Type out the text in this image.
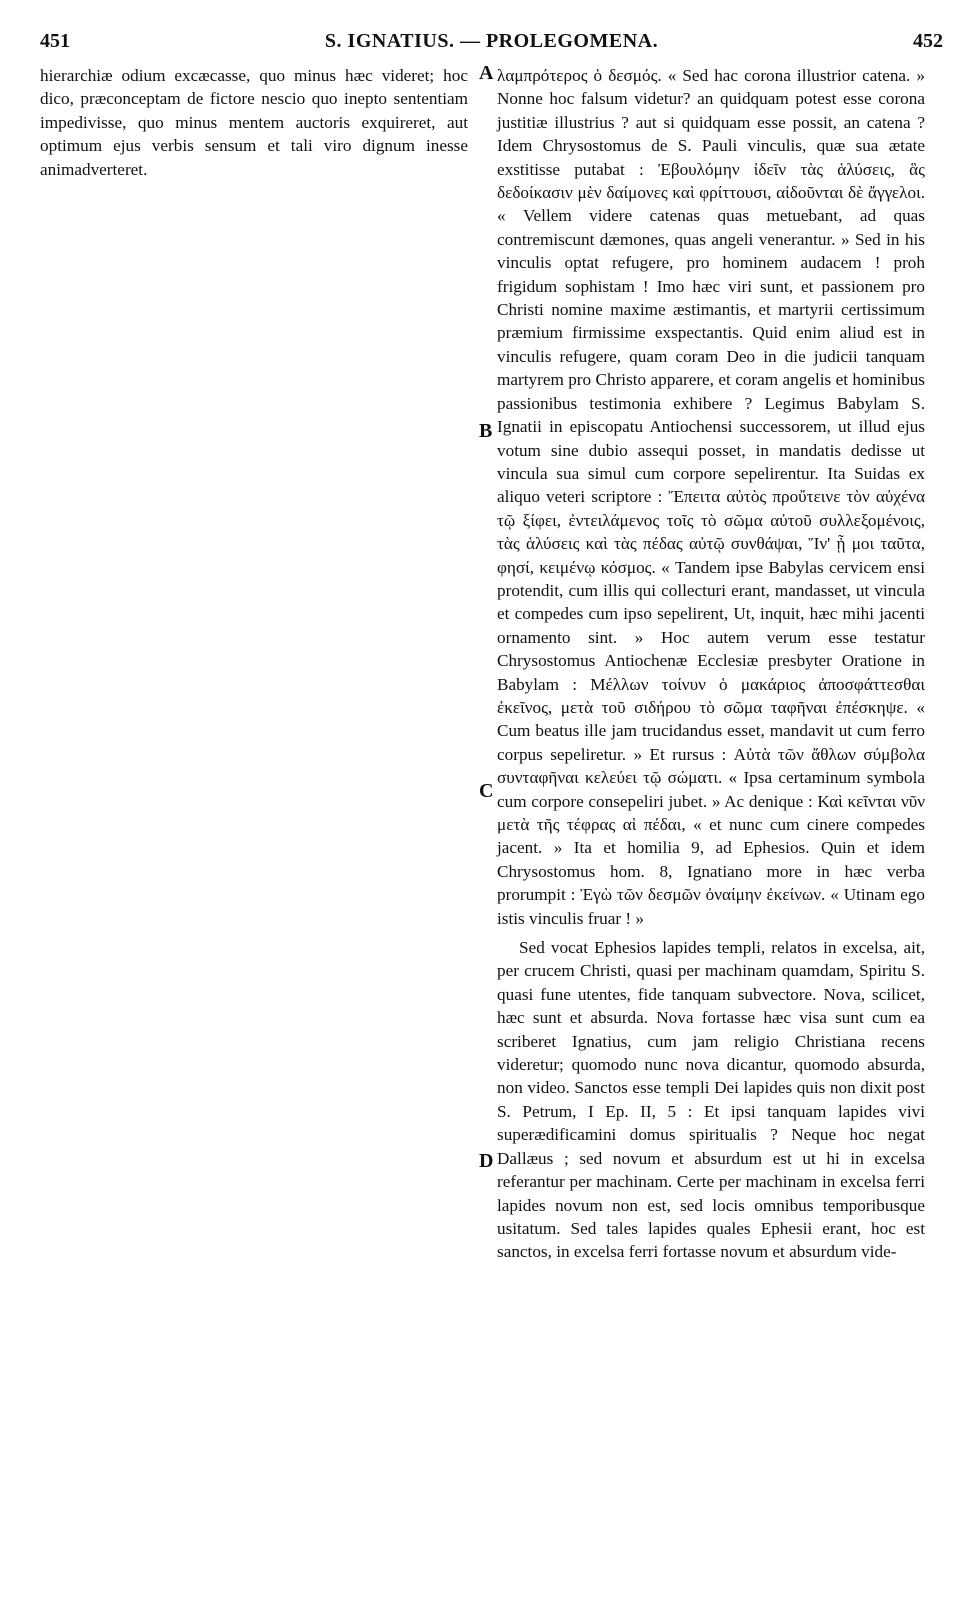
451	S. IGNATIUS. — PROLEGOMENA.	452

hierarchiæ odium excæcasse, quo minus hæc videret; hoc dico, præconceptam de fictore nescio quo inepto sententiam impedivisse, quo minus mentem auctoris exquireret, aut optimum ejus verbis sensum et tali viro dignum inesse animadverteret.

A
B
C
D

λαμπρότερος ὁ δεσμός. « Sed hac corona illustrior catena. » Nonne hoc falsum videtur? an quidquam potest esse corona justitiæ illustrius ? aut si quidquam esse possit, an catena ? Idem Chrysostomus de S. Pauli vinculis, quæ sua ætate exstitisse putabat : Ἐβουλόμην ἰδεῖν τὰς ἁλύσεις, ἃς δεδοίκασιν μὲν δαίμονες καὶ φρίττουσι, αἰδοῦνται δὲ ἄγγελοι. « Vellem videre catenas quas metuebant, ad quas contremiscunt dæmones, quas angeli venerantur. » Sed in his vinculis optat refugere, pro hominem audacem ! proh frigidum sophistam ! Imo hæc viri sunt, et passionem pro Christi nomine maxime æstimantis, et martyrii certissimum præmium firmissime exspectantis. Quid enim aliud est in vinculis refugere, quam coram Deo in die judicii tanquam martyrem pro Christo apparere, et coram angelis et hominibus passionibus testimonia exhibere ? Legimus Babylam S. Ignatii in episcopatu Antiochensi successorem, ut illud ejus votum sine dubio assequi posset, in mandatis dedisse ut vincula sua simul cum corpore sepelirentur. Ita Suidas ex aliquo veteri scriptore : Ἔπειτα αὐτὸς προὔτεινε τὸν αὐχένα τῷ ξίφει, ἐντειλάμενος τοῖς τὸ σῶμα αὐτοῦ συλλεξομένοις, τὰς ἁλύσεις καὶ τὰς πέδας αὐτῷ συνθάψαι, Ἵν' ᾖ μοι ταῦτα, φησί, κειμένῳ κόσμος. « Tandem ipse Babylas cervicem ensi protendit, cum illis qui collecturi erant, mandasset, ut vincula et compedes cum ipso sepelirent, Ut, inquit, hæc mihi jacenti ornamento sint. » Hoc autem verum esse testatur Chrysostomus Antiochenæ Ecclesiæ presbyter Oratione in Babylam : Μέλλων τοίνυν ὁ μακάριος ἀποσφάττεσθαι ἐκεῖνος, μετὰ τοῦ σιδήρου τὸ σῶμα ταφῆναι ἐπέσκηψε. « Cum beatus ille jam trucidandus esset, mandavit ut cum ferro corpus sepeliretur. » Et rursus : Αὐτὰ τῶν ἄθλων σύμβολα συνταφῆναι κελεύει τῷ σώματι. « Ipsa certaminum symbola cum corpore consepeliri jubet. » Ac denique : Καὶ κεῖνται νῦν μετὰ τῆς τέφρας αἱ πέδαι, « et nunc cum cinere compedes jacent. » Ita et homilia 9, ad Ephesios. Quin et idem Chrysostomus hom. 8, Ignatiano more in hæc verba prorumpit : Ἐγὼ τῶν δεσμῶν ὀναίμην ἐκείνων. « Utinam ego istis vinculis fruar ! »

Sed vocat Ephesios lapides templi, relatos in excelsa, ait, per crucem Christi, quasi per machinam quamdam, Spiritu S. quasi fune utentes, fide tanquam subvectore. Nova, scilicet, hæc sunt et absurda. Nova fortasse hæc visa sunt cum ea scriberet Ignatius, cum jam religio Christiana recens videretur; quomodo nunc nova dicantur, quomodo absurda, non video. Sanctos esse templi Dei lapides quis non dixit post S. Petrum, I Ep. II, 5 : Et ipsi tanquam lapides vivi superædificamini domus spiritualis ? Neque hoc negat Dallæus ; sed novum et absurdum est ut hi in excelsa referantur per machinam. Certe per machinam in excelsa ferri lapides novum non est, sed locis omnibus temporibusque usitatum. Sed tales lapides quales Ephesii erant, hoc est sanctos, in excelsa ferri fortasse novum et absurdum vide-
